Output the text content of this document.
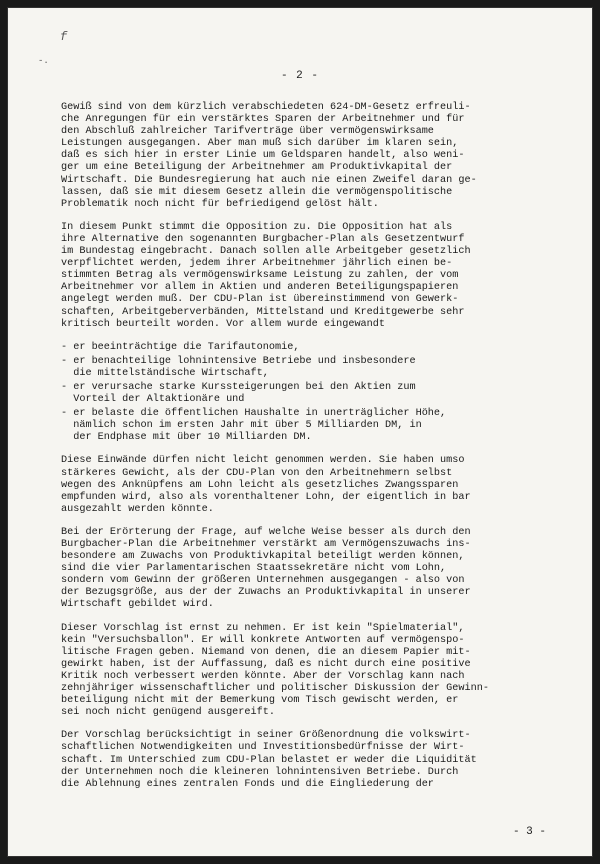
f
-.
- 2 -

Gewiß sind von dem kürzlich verabschiedeten 624-DM-Gesetz erfreuli-
che Anregungen für ein verstärktes Sparen der Arbeitnehmer und für
den Abschluß zahlreicher Tarifverträge über vermögenswirksame
Leistungen ausgegangen. Aber man muß sich darüber im klaren sein,
daß es sich hier in erster Linie um Geldsparen handelt, also weni-
ger um eine Beteiligung der Arbeitnehmer am Produktivkapital der
Wirtschaft. Die Bundesregierung hat auch nie einen Zweifel daran ge-
lassen, daß sie mit diesem Gesetz allein die vermögenspolitische
Problematik noch nicht für befriedigend gelöst hält.

In diesem Punkt stimmt die Opposition zu. Die Opposition hat als
ihre Alternative den sogenannten Burgbacher-Plan als Gesetzentwurf
im Bundestag eingebracht. Danach sollen alle Arbeitgeber gesetzlich
verpflichtet werden, jedem ihrer Arbeitnehmer jährlich einen be-
stimmten Betrag als vermögenswirksame Leistung zu zahlen, der vom
Arbeitnehmer vor allem in Aktien und anderen Beteiligungspapieren
angelegt werden muß. Der CDU-Plan ist übereinstimmend von Gewerk-
schaften, Arbeitgeberverbänden, Mittelstand und Kreditgewerbe sehr
kritisch beurteilt worden. Vor allem wurde eingewandt

- er beeinträchtige die Tarifautonomie,
- er benachteilige lohnintensive Betriebe und insbesondere
die mittelständische Wirtschaft,
- er verursache starke Kurssteigerungen bei den Aktien zum
Vorteil der Altaktionäre und
- er belaste die öffentlichen Haushalte in unerträglicher Höhe,
nämlich schon im ersten Jahr mit über 5 Milliarden DM, in
der Endphase mit über 10 Milliarden DM.

Diese Einwände dürfen nicht leicht genommen werden. Sie haben umso
stärkeres Gewicht, als der CDU-Plan von den Arbeitnehmern selbst
wegen des Anknüpfens am Lohn leicht als gesetzliches Zwangssparen
empfunden wird, also als vorenthaltener Lohn, der eigentlich in bar
ausgezahlt werden könnte.

Bei der Erörterung der Frage, auf welche Weise besser als durch den
Burgbacher-Plan die Arbeitnehmer verstärkt am Vermögenszuwachs ins-
besondere am Zuwachs von Produktivkapital beteiligt werden können,
sind die vier Parlamentarischen Staatssekretäre nicht vom Lohn,
sondern vom Gewinn der größeren Unternehmen ausgegangen - also von
der Bezugsgröße, aus der der Zuwachs an Produktivkapital in unserer
Wirtschaft gebildet wird.

Dieser Vorschlag ist ernst zu nehmen. Er ist kein "Spielmaterial",
kein "Versuchsballon". Er will konkrete Antworten auf vermögenspo-
litische Fragen geben. Niemand von denen, die an diesem Papier mit-
gewirkt haben, ist der Auffassung, daß es nicht durch eine positive
Kritik noch verbessert werden könnte. Aber der Vorschlag kann nach
zehnjähriger wissenschaftlicher und politischer Diskussion der Gewinn-
beteiligung nicht mit der Bemerkung vom Tisch gewischt werden, er
sei noch nicht genügend ausgereift.

Der Vorschlag berücksichtigt in seiner Größenordnung die volkswirt-
schaftlichen Notwendigkeiten und Investitionsbedürfnisse der Wirt-
schaft. Im Unterschied zum CDU-Plan belastet er weder die Liquidität
der Unternehmen noch die kleineren lohnintensiven Betriebe. Durch
die Ablehnung eines zentralen Fonds und die Eingliederung der

- 3 -
